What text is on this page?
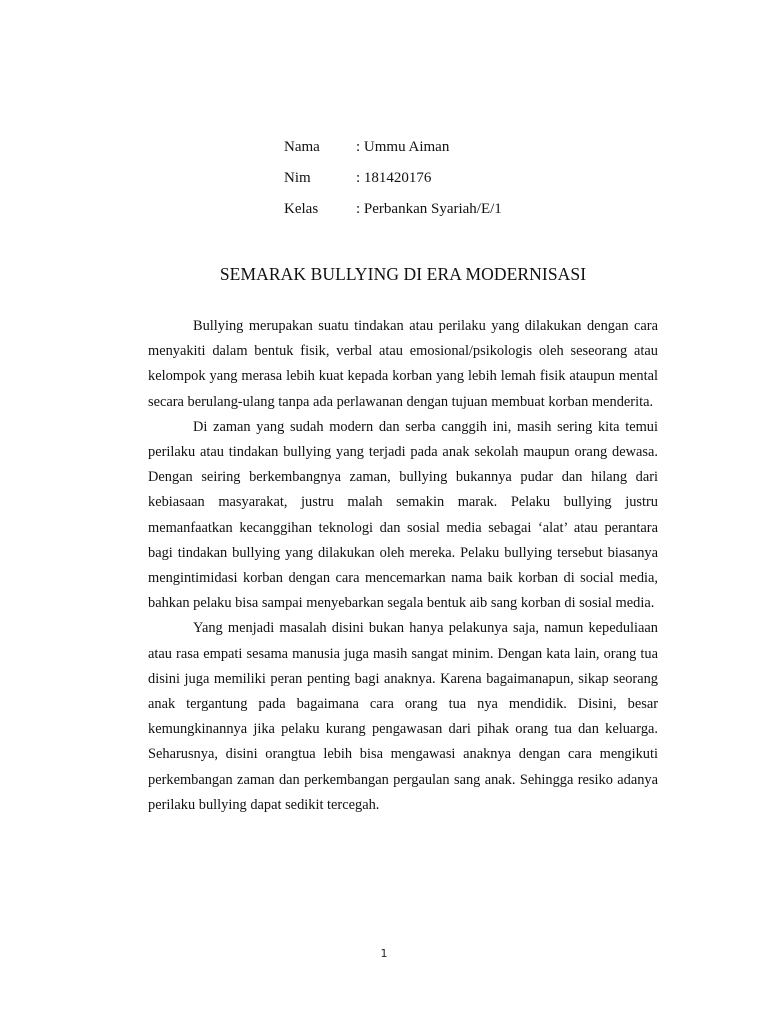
Nama	: Ummu Aiman
Nim	: 181420176
Kelas	: Perbankan Syariah/E/1
SEMARAK BULLYING DI ERA MODERNISASI

Bullying merupakan suatu tindakan atau perilaku yang dilakukan dengan cara menyakiti dalam bentuk fisik, verbal atau emosional/psikologis oleh seseorang atau kelompok yang merasa lebih kuat kepada korban yang lebih lemah fisik ataupun mental secara berulang-ulang tanpa ada perlawanan dengan tujuan membuat korban menderita.

Di zaman yang sudah modern dan serba canggih ini, masih sering kita temui perilaku atau tindakan bullying yang terjadi pada anak sekolah maupun orang dewasa. Dengan seiring berkembangnya zaman, bullying bukannya pudar dan hilang dari kebiasaan masyarakat, justru malah semakin marak. Pelaku bullying justru memanfaatkan kecanggihan teknologi dan sosial media sebagai ‘alat’ atau perantara bagi tindakan bullying yang dilakukan oleh mereka. Pelaku bullying tersebut biasanya mengintimidasi korban dengan cara mencemarkan nama baik korban di social media, bahkan pelaku bisa sampai menyebarkan segala bentuk aib sang korban di sosial media.

Yang menjadi masalah disini bukan hanya pelakunya saja, namun kepeduliaan atau rasa empati sesama manusia juga masih sangat minim. Dengan kata lain, orang tua disini juga memiliki peran penting bagi anaknya. Karena bagaimanapun, sikap seorang anak tergantung pada bagaimana cara orang tua nya mendidik. Disini, besar kemungkinannya jika pelaku kurang pengawasan dari pihak orang tua dan keluarga. Seharusnya, disini orangtua lebih bisa mengawasi anaknya dengan cara mengikuti perkembangan zaman dan perkembangan pergaulan sang anak. Sehingga resiko adanya perilaku bullying dapat sedikit tercegah.

1
